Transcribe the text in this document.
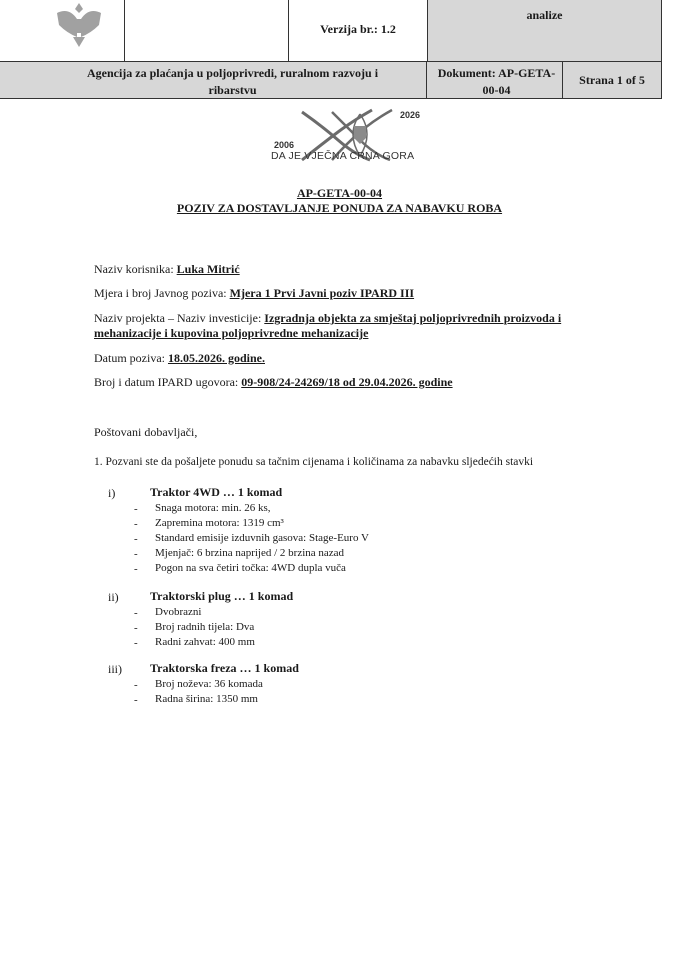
Verzija br.: 1.2
analize
Agencija za plaćanja u poljoprivredi, ruralnom razvoju i ribarstvu
Dokument: AP-GETA-00-04
Strana 1 of 5
2006
2026
DA JE VJEČNA CRNA GORA
AP-GETA-00-04
POZIV ZA DOSTAVLJANJE PONUDA ZA NABAVKU ROBA
Naziv korisnika: Luka Mitrić
Mjera i broj Javnog poziva: Mjera 1 Prvi Javni poziv IPARD III
Naziv projekta – Naziv investicije: Izgradnja objekta za smještaj poljoprivrednih proizvoda i
mehanizacije i kupovina poljoprivredne mehanizacije
Datum poziva: 18.05.2026. godine.
Broj i datum IPARD ugovora: 09-908/24-24269/18 od 29.04.2026. godine
Poštovani dobavljači,
1. Pozvani ste da pošaljete ponudu sa tačnim cijenama i količinama za nabavku sljedećih stavki
i)	Traktor 4WD … 1 komad
- Snaga motora: min. 26 ks,
- Zapremina motora: 1319 cm³
- Standard emisije izduvnih gasova: Stage-Euro V
- Mjenjač: 6 brzina naprijed / 2 brzina nazad
- Pogon na sva četiri točka: 4WD dupla vuča
ii)	Traktorski plug … 1 komad
- Dvobrazni
- Broj radnih tijela: Dva
- Radni zahvat: 400 mm
iii) Traktorska freza … 1 komad
- Broj noževa: 36 komada
- Radna širina: 1350 mm
